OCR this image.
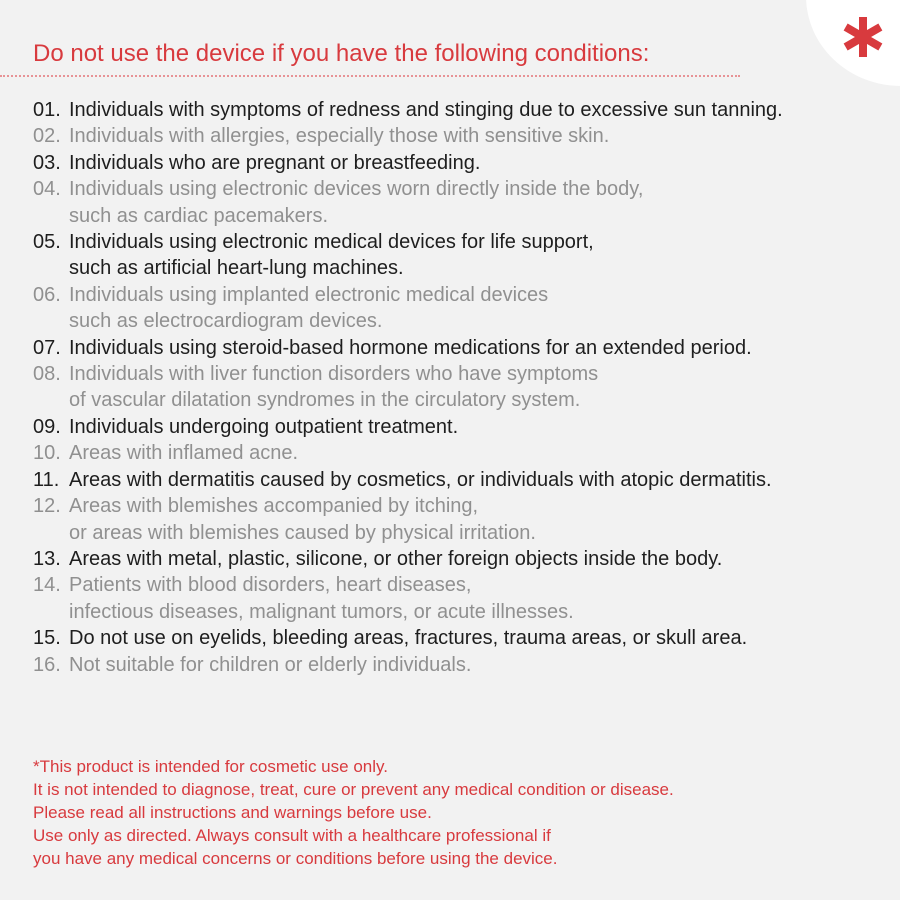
Do not use the device if you have the following conditions:
01. Individuals with symptoms of redness and stinging due to excessive sun tanning.
02. Individuals with allergies, especially those with sensitive skin.
03. Individuals who are pregnant or breastfeeding.
04. Individuals using electronic devices worn directly inside the body,
such as cardiac pacemakers.
05. Individuals using electronic medical devices for life support,
such as artificial heart-lung machines.
06. Individuals using implanted electronic medical devices
such as electrocardiogram devices.
07. Individuals using steroid-based hormone medications for an extended period.
08. Individuals with liver function disorders who have symptoms
of vascular dilatation syndromes in the circulatory system.
09. Individuals undergoing outpatient treatment.
10. Areas with inflamed acne.
11. Areas with dermatitis caused by cosmetics, or individuals with atopic dermatitis.
12. Areas with blemishes accompanied by itching,
or areas with blemishes caused by physical irritation.
13. Areas with metal, plastic, silicone, or other foreign objects inside the body.
14. Patients with blood disorders, heart diseases,
infectious diseases, malignant tumors, or acute illnesses.
15. Do not use on eyelids, bleeding areas, fractures, trauma areas, or skull area.
16. Not suitable for children or elderly individuals.
*This product is intended for cosmetic use only.
It is not intended to diagnose, treat, cure or prevent any medical condition or disease.
Please read all instructions and warnings before use.
Use only as directed. Always consult with a healthcare professional if
you have any medical concerns or conditions before using the device.
